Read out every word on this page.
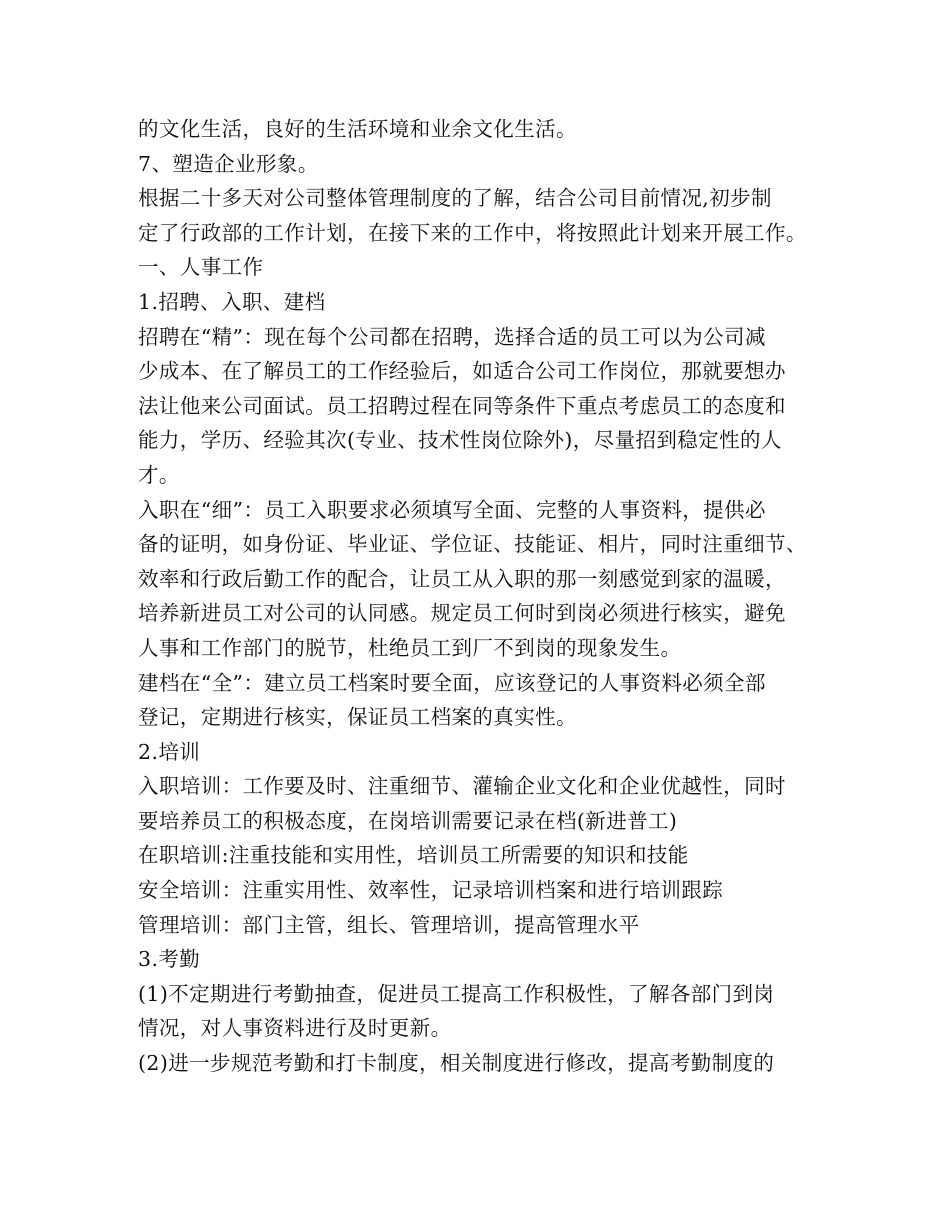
的文化生活，良好的生活环境和业余文化生活。
7、塑造企业形象。
根据二十多天对公司整体管理制度的了解，结合公司目前情况,初步制
定了行政部的工作计划，在接下来的工作中，将按照此计划来开展工作。
一、人事工作
1.招聘、入职、建档
招聘在“精”：现在每个公司都在招聘，选择合适的员工可以为公司减
少成本、在了解员工的工作经验后，如适合公司工作岗位，那就要想办
法让他来公司面试。员工招聘过程在同等条件下重点考虑员工的态度和
能力，学历、经验其次(专业、技术性岗位除外)，尽量招到稳定性的人
才。
入职在“细”：员工入职要求必须填写全面、完整的人事资料，提供必
备的证明，如身份证、毕业证、学位证、技能证、相片，同时注重细节、
效率和行政后勤工作的配合，让员工从入职的那一刻感觉到家的温暖，
培养新进员工对公司的认同感。规定员工何时到岗必须进行核实，避免
人事和工作部门的脱节，杜绝员工到厂不到岗的现象发生。
建档在“全”：建立员工档案时要全面，应该登记的人事资料必须全部
登记，定期进行核实，保证员工档案的真实性。
2.培训
入职培训：工作要及时、注重细节、灌输企业文化和企业优越性，同时
要培养员工的积极态度，在岗培训需要记录在档(新进普工)
在职培训:注重技能和实用性，培训员工所需要的知识和技能
安全培训：注重实用性、效率性，记录培训档案和进行培训跟踪
管理培训：部门主管，组长、管理培训，提高管理水平
3.考勤
(1)不定期进行考勤抽查，促进员工提高工作积极性，了解各部门到岗
情况，对人事资料进行及时更新。
(2)进一步规范考勤和打卡制度，相关制度进行修改，提高考勤制度的
